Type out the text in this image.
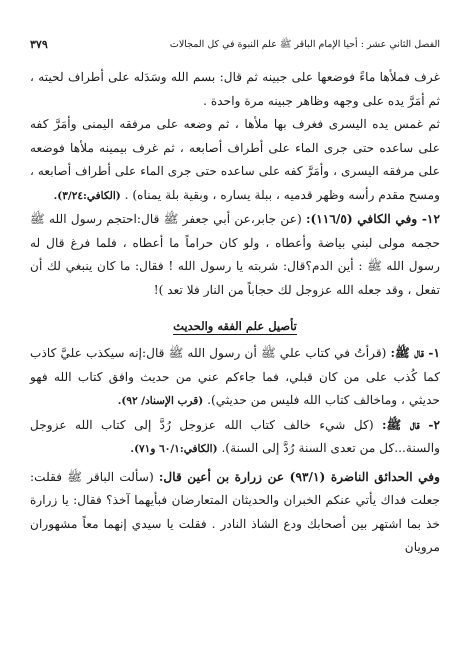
٣٧٩	الفصل الثاني عشر : أحيا الإمام الباقر ﷺ علم النبوة في كل المجالات

غرف فملأها ماءً فوضعها على جبينه ثم قال: بسم الله وسَدَله على أطراف لحيته ، ثم أمَرَّ يده على وجهه وظاهر جبينه مرة واحدة .

ثم غمس يده اليسرى فغرف بها ملأها ، ثم وضعه على مرفقه اليمنى وأمَرَّ كفه على ساعده حتى جرى الماء على أطراف أصابعه ، ثم غرف بيمينه ملأها فوضعه على مرفقه اليسرى ، وأمَرَّ كفه على ساعده حتى جرى الماء على أطراف أصابعه ، ومسح مقدم رأسه وظهر قدميه ، ببلة يساره ، وبقية بلة يمناه) . (الكافي:٣/٢٤).

١٢- وفي الكافي (١١٦/٥): (عن جابر،عن أبي جعفر ﷺ قال:احتجم رسول الله ﷺ حجمه مولى لبني بياضة وأعطاه ، ولو كان حراماً ما أعطاه ، فلما فرغ قال له رسول الله ﷺ : أين الدم؟قال: شربته يا رسول الله ! فقال: ما كان ينبغي لك أن تفعل ، وقد جعله الله عزوجل لك حجاباً من النار فلا تعد )!

تأصيل علم الفقه والحديث

١- قال ﷺ: (قرأتُ في كتاب علي ﷺ أن رسول الله ﷺ قال:إنه سيكذب عليَّ كاذب كما كُذب على من كان قبلي، فما جاءكم عني من حديث وافق كتاب الله فهو حديثي ، وماخالف كتاب الله فليس من حديثي). (قرب الإسناد/ ٩٢).

٢- قال ﷺ: (كل شيء خالف كتاب الله عزوجل رُدَّ إلى كتاب الله عزوجل والسنة...كل من تعدى السنة رُدَّ إلى السنة). (الكافي:٦٠/١ و٧١).

وفي الحدائق الناضرة (٩٣/١) عن زرارة بن أعين قال: (سألت الباقر ﷺ فقلت: جعلت فداك يأتي عنكم الخبران والحديثان المتعارضان فبأيهما آخذ؟ فقال: يا زرارة خذ بما اشتهر بين أصحابك ودع الشاذ النادر . فقلت يا سيدي إنهما معاً مشهوران مرويان
